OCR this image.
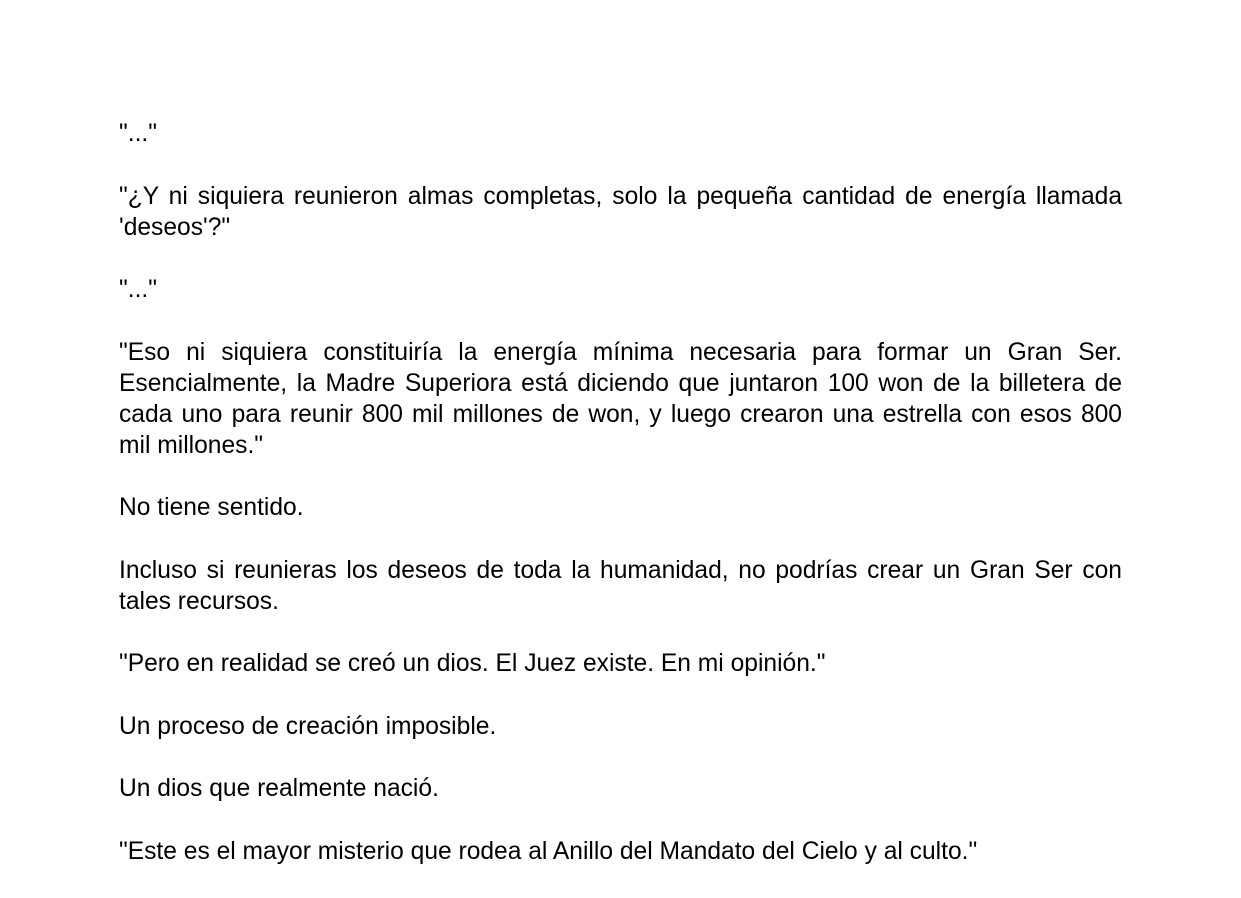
"..."

"¿Y ni siquiera reunieron almas completas, solo la pequeña cantidad de energía llamada 'deseos'?"

"..."

"Eso ni siquiera constituiría la energía mínima necesaria para formar un Gran Ser. Esencialmente, la Madre Superiora está diciendo que juntaron 100 won de la billetera de cada uno para reunir 800 mil millones de won, y luego crearon una estrella con esos 800 mil millones."

No tiene sentido.

Incluso si reunieras los deseos de toda la humanidad, no podrías crear un Gran Ser con tales recursos.

"Pero en realidad se creó un dios. El Juez existe. En mi opinión."

Un proceso de creación imposible.

Un dios que realmente nació.

"Este es el mayor misterio que rodea al Anillo del Mandato del Cielo y al culto."
